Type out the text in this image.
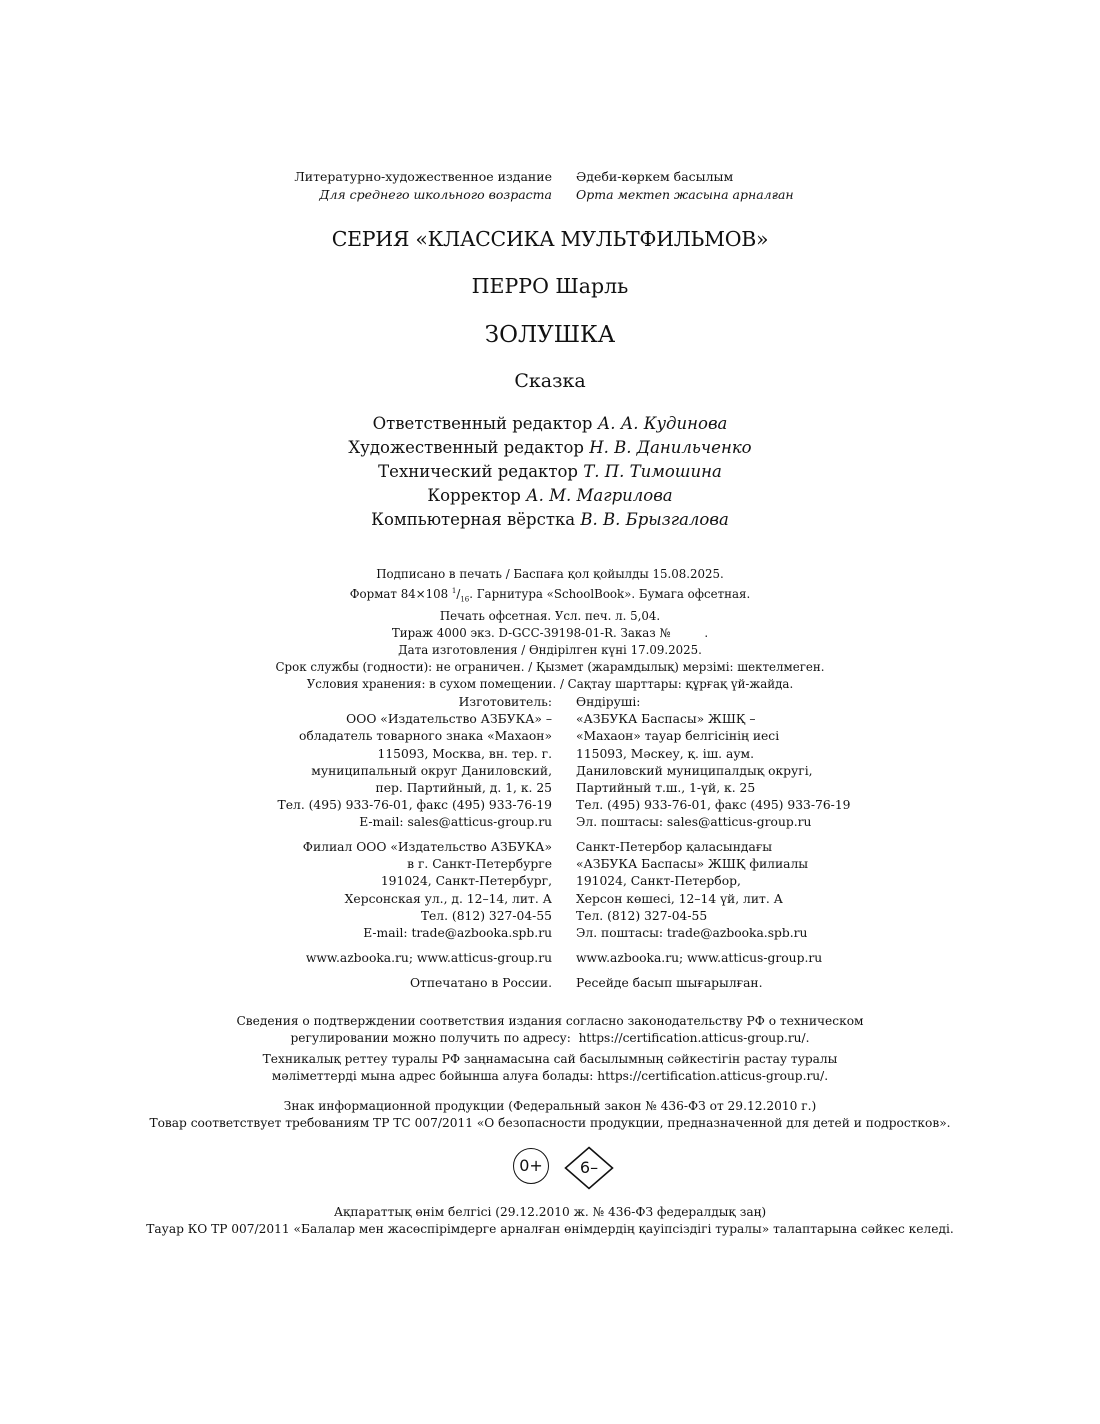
Литературно-художественное издание
Для среднего школьного возраста
Әдеби-көркем басылым
Орта мектеп жасына арналған
СЕРИЯ «КЛАССИКА МУЛЬТФИЛЬМОВ»
ПЕРРО Шарль
ЗОЛУШКА
Сказка
Ответственный редактор А. А. Кудинова
Художественный редактор Н. В. Данильченко
Технический редактор Т. П. Тимошина
Корректор А. М. Магрилова
Компьютерная вёрстка В. В. Брызгалова
Подписано в печать / Баспаға қол қойылды 15.08.2025.
Формат 84×108 $^1/_{16}$. Гарнитура «SchoolBook». Бумага офсетная.
Печать офсетная. Усл. печ. л. 5,04.
Тираж 4000 экз. D-GCC-39198-01-R. Заказ №         .
Дата изготовления / Өндірілген күні 17.09.2025.
Срок службы (годности): не ограничен. / Қызмет (жарамдылық) мерзімі: шектелмеген.
Условия хранения: в сухом помещении. / Сақтау шарттары: құрғақ үй-жайда.
Изготовитель:
ООО «Издательство АЗБУКА» –
обладатель товарного знака «Махаон»
115093, Москва, вн. тер. г.
муниципальный округ Даниловский,
пер. Партийный, д. 1, к. 25
Тел. (495) 933-76-01, факс (495) 933-76-19
E-mail: sales@atticus-group.ru
Өндіруші:
«АЗБУКА Баспасы» ЖШҚ –
«Махаон» тауар белгісінің иесі
115093, Мәскеу, қ. іш. аум.
Даниловский муниципалдық округі,
Партийный т.ш., 1-үй, к. 25
Тел. (495) 933-76-01, факс (495) 933-76-19
Эл. поштасы: sales@atticus-group.ru
Филиал ООО «Издательство АЗБУКА»
в г. Санкт-Петербурге
191024, Санкт-Петербург,
Херсонская ул., д. 12–14, лит. А
Тел. (812) 327-04-55
E-mail: trade@azbooka.spb.ru
Санкт-Петербор қаласындағы
«АЗБУКА Баспасы» ЖШҚ филиалы
191024, Санкт-Петербор,
Херсон көшесі, 12–14 үй, лит. А
Тел. (812) 327-04-55
Эл. поштасы: trade@azbooka.spb.ru
www.azbooka.ru; www.atticus-group.ru www.azbooka.ru; www.atticus-group.ru
Отпечатано в России. Ресейде басып шығарылған.
Сведения о подтверждении соответствия издания согласно законодательству РФ о техническом
регулировании можно получить по адресу:  https://certification.atticus-group.ru/.
Техникалық реттеу туралы РФ заңнамасына сай басылымның сәйкестігін растау туралы
мәліметтерді мына адрес бойынша алуға болады: https://certification.atticus-group.ru/.
Знак информационной продукции (Федеральный закон № 436-ФЗ от 29.12.2010 г.)
Товар соответствует требованиям ТР ТС 007/2011 «О безопасности продукции, предназначенной для детей и подростков».
0+	6–
Ақпараттық өнім белгісі (29.12.2010 ж. № 436-ФЗ федералдық заң)
Тауар КО ТР 007/2011 «Балалар мен жасөспірімдерге арналған өнімдердің қауіпсіздігі туралы» талаптарына сәйкес келеді.
